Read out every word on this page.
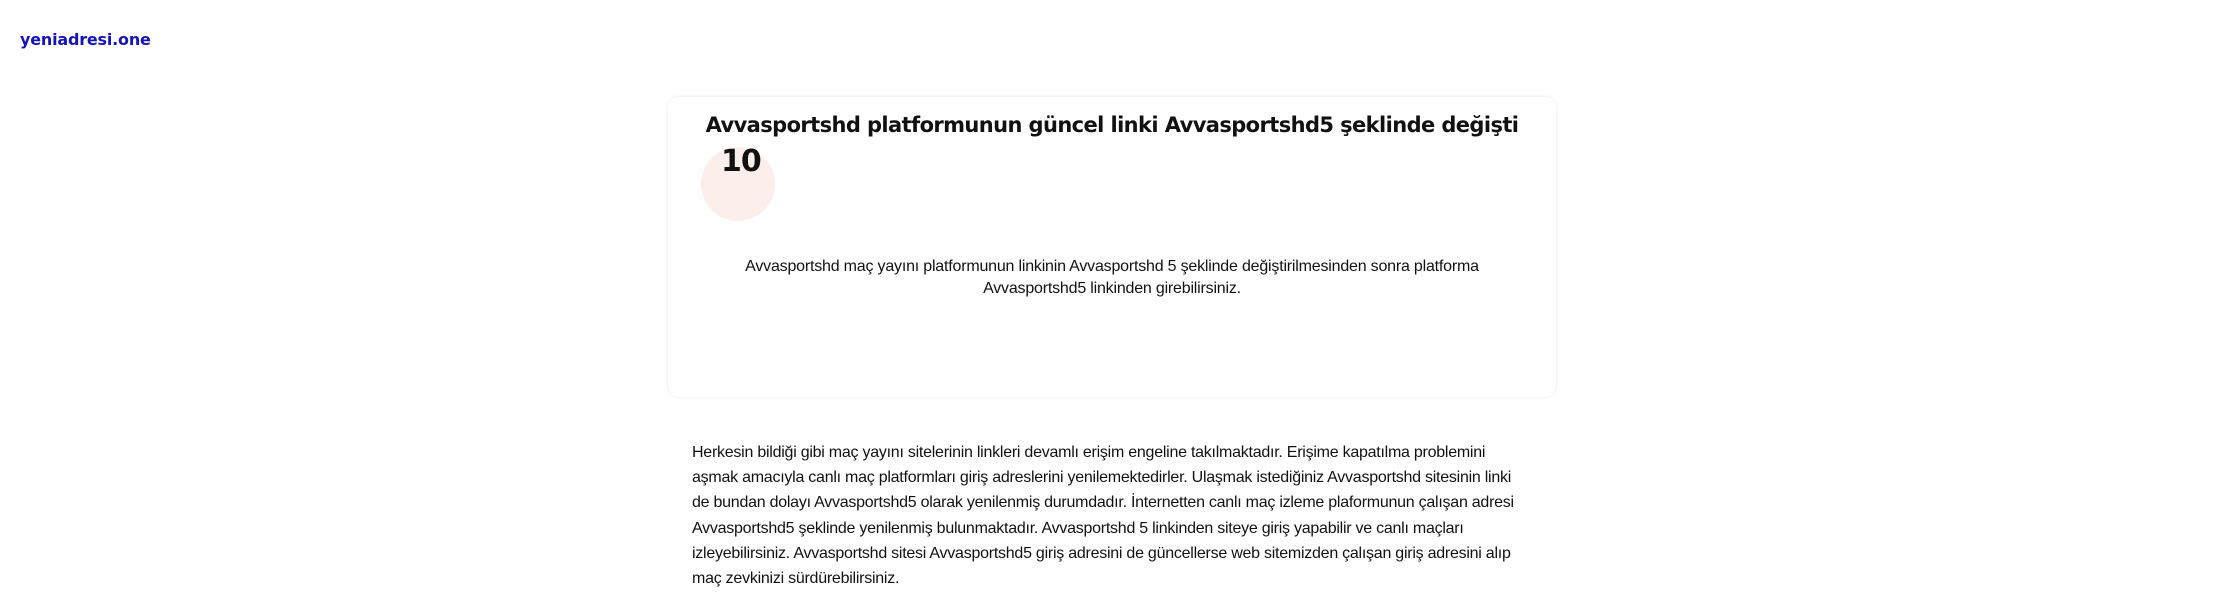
yeniadresi.one
Avvasportshd platformunun güncel linki Avvasportshd5 şeklinde değişti
10

Avvasportshd maç yayını platformunun linkinin Avvasportshd 5 şeklinde değiştirilmesinden sonra platforma Avvasportshd5 linkinden girebilirsiniz.

Herkesin bildiği gibi maç yayını sitelerinin linkleri devamlı erişim engeline takılmaktadır. Erişime kapatılma problemini aşmak amacıyla canlı maç platformları giriş adreslerini yenilemektedirler. Ulaşmak istediğiniz Avvasportshd sitesinin linki de bundan dolayı Avvasportshd5 olarak yenilenmiş durumdadır. İnternetten canlı maç izleme plaformunun çalışan adresi Avvasportshd5 şeklinde yenilenmiş bulunmaktadır. Avvasportshd 5 linkinden siteye giriş yapabilir ve canlı maçları izleyebilirsiniz. Avvasportshd sitesi Avvasportshd5 giriş adresini de güncellerse web sitemizden çalışan giriş adresini alıp maç zevkinizi sürdürebilirsiniz.
